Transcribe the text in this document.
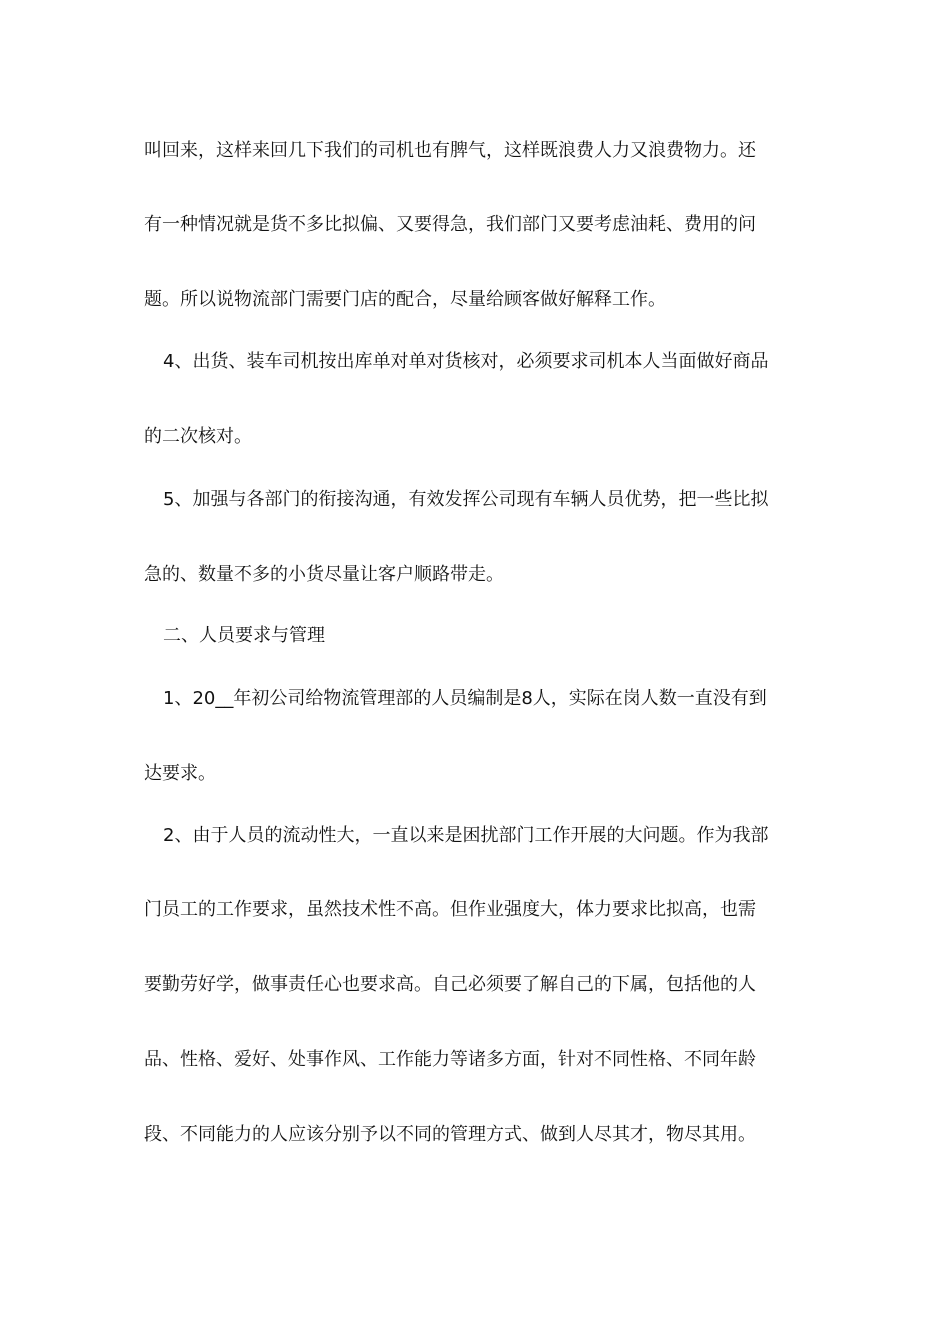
叫回来，这样来回几下我们的司机也有脾气，这样既浪费人力又浪费物力。还
有一种情况就是货不多比拟偏、又要得急，我们部门又要考虑油耗、费用的问
题。所以说物流部门需要门店的配合，尽量给顾客做好解释工作。
4、出货、装车司机按出库单对单对货核对，必须要求司机本人当面做好商品
的二次核对。
5、加强与各部门的衔接沟通，有效发挥公司现有车辆人员优势，把一些比拟
急的、数量不多的小货尽量让客户顺路带走。
二、人员要求与管理
1、20__年初公司给物流管理部的人员编制是8人，实际在岗人数一直没有到
达要求。
2、由于人员的流动性大，一直以来是困扰部门工作开展的大问题。作为我部
门员工的工作要求，虽然技术性不高。但作业强度大，体力要求比拟高，也需
要勤劳好学，做事责任心也要求高。自己必须要了解自己的下属，包括他的人
品、性格、爱好、处事作风、工作能力等诸多方面，针对不同性格、不同年龄
段、不同能力的人应该分别予以不同的管理方式、做到人尽其才，物尽其用。
